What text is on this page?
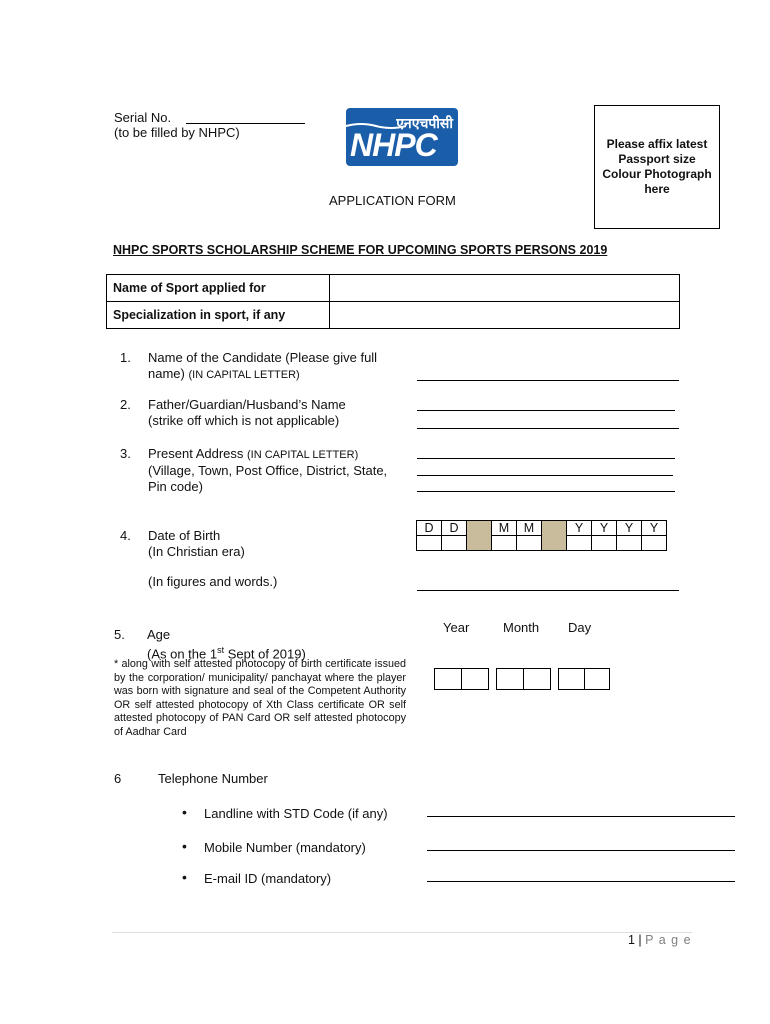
Serial No.
(to be filled by NHPC)
एनएचपीसी
NHPC
APPLICATION FORM
Please affix latest Passport size Colour Photograph here
NHPC SPORTS SCHOLARSHIP SCHEME FOR UPCOMING SPORTS PERSONS 2019
Name of Sport applied for	
Specialization in sport, if any	
1. Name of the Candidate (Please give full
name) (IN CAPITAL LETTER)
2. Father/Guardian/Husband’s Name
(strike off which is not applicable)
3. Present Address (IN CAPITAL LETTER)
(Village, Town, Post Office, District, State,
Pin code)
4. Date of Birth
(In Christian era)
D	D		M	M		Y	Y	Y	Y

(In figures and words.)
Year	Month Day
5. Age
(As on the 1st Sept of 2019)
* along with self attested photocopy of birth certificate issued by the corporation/ municipality/ panchayat where the player was born with signature and seal of the Competent Authority OR self attested photocopy of Xth Class certificate OR self attested photocopy of PAN Card OR self attested photocopy of Aadhar Card
6	Telephone Number
• Landline with STD Code (if any)
• Mobile Number (mandatory)
• E-mail ID (mandatory)
1 | P a g e
